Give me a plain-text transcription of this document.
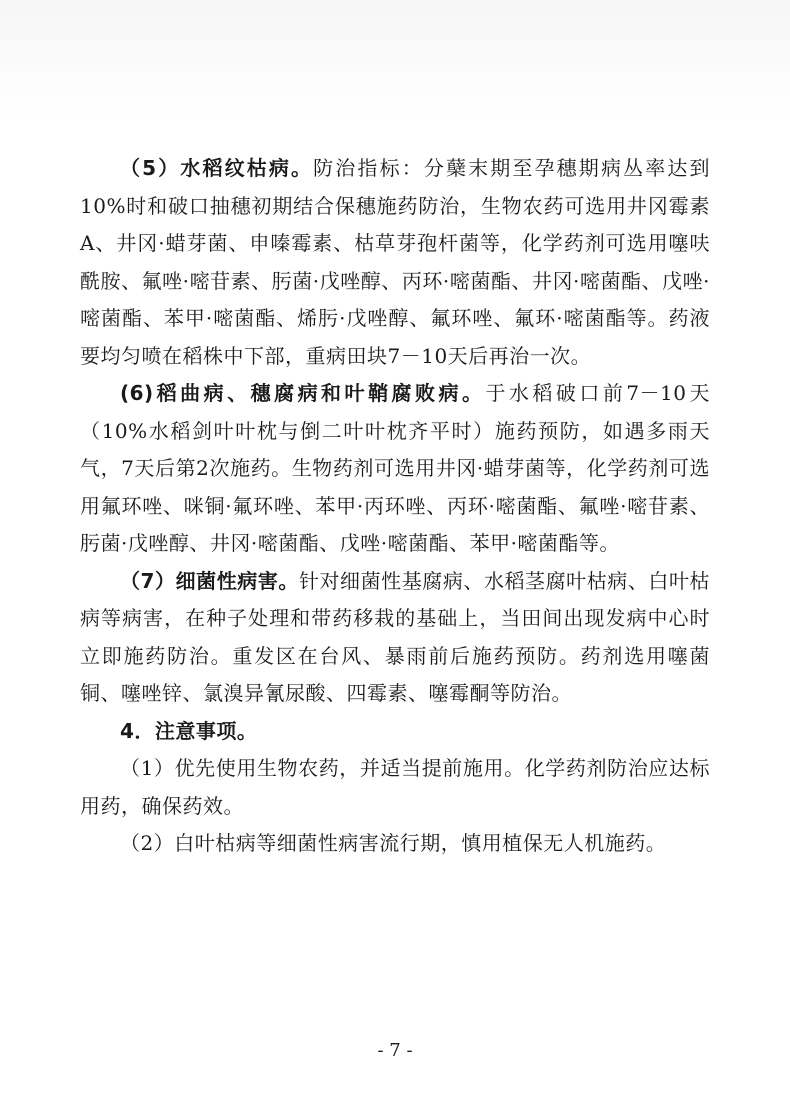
（5）水稻纹枯病。防治指标：分蘖末期至孕穗期病丛率达到10%时和破口抽穗初期结合保穗施药防治，生物农药可选用井冈霉素A、井冈·蜡芽菌、申嗪霉素、枯草芽孢杆菌等，化学药剂可选用噻呋酰胺、氟唑·嘧苷素、肟菌·戊唑醇、丙环·嘧菌酯、井冈·嘧菌酯、戊唑·嘧菌酯、苯甲·嘧菌酯、烯肟·戊唑醇、氟环唑、氟环·嘧菌酯等。药液要均匀喷在稻株中下部，重病田块7－10天后再治一次。

(6)稻曲病、穗腐病和叶鞘腐败病。于水稻破口前7－10天（10%水稻剑叶叶枕与倒二叶叶枕齐平时）施药预防，如遇多雨天气，7天后第2次施药。生物药剂可选用井冈·蜡芽菌等，化学药剂可选用氟环唑、咪铜·氟环唑、苯甲·丙环唑、丙环·嘧菌酯、氟唑·嘧苷素、肟菌·戊唑醇、井冈·嘧菌酯、戊唑·嘧菌酯、苯甲·嘧菌酯等。

（7）细菌性病害。针对细菌性基腐病、水稻茎腐叶枯病、白叶枯病等病害，在种子处理和带药移栽的基础上，当田间出现发病中心时立即施药防治。重发区在台风、暴雨前后施药预防。药剂选用噻菌铜、噻唑锌、氯溴异氰尿酸、四霉素、噻霉酮等防治。

4．注意事项。

（1）优先使用生物农药，并适当提前施用。化学药剂防治应达标用药，确保药效。

（2）白叶枯病等细菌性病害流行期，慎用植保无人机施药。

- 7 -
